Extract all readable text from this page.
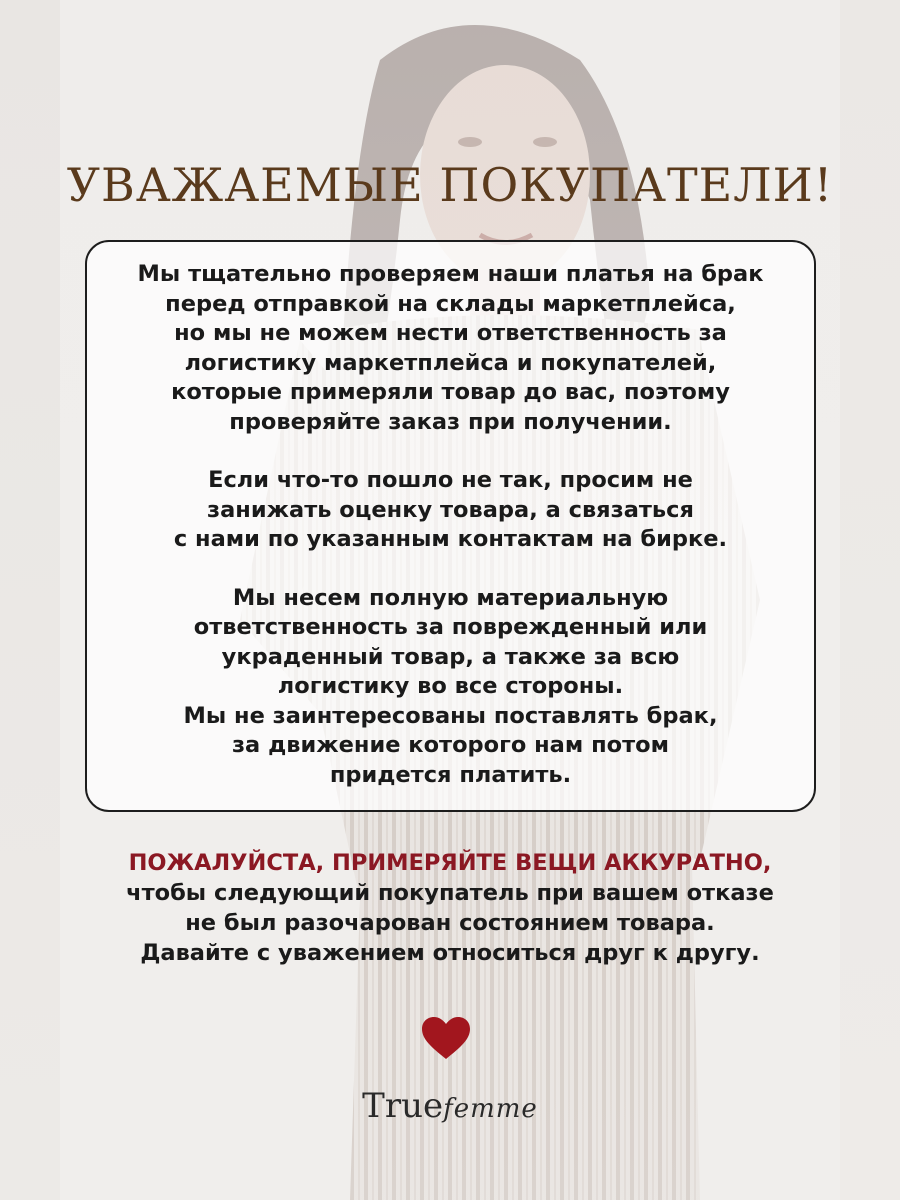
УВАЖАЕМЫЕ ПОКУПАТЕЛИ!

Мы тщательно проверяем наши платья на брак
перед отправкой на склады маркетплейса,
но мы не можем нести ответственность за
логистику маркетплейса и покупателей,
которые примеряли товар до вас, поэтому
проверяйте заказ при получении.

Если что-то пошло не так, просим не
занижать оценку товара, а связаться
с нами по указанным контактам на бирке.

Мы несем полную материальную
ответственность за поврежденный или
украденный товар, а также за всю
логистику во все стороны.
Мы не заинтересованы поставлять брак,
за движение которого нам потом
придется платить.

ПОЖАЛУЙСТА, ПРИМЕРЯЙТЕ ВЕЩИ АККУРАТНО,
чтобы следующий покупатель при вашем отказе
не был разочарован состоянием товара.
Давайте с уважением относиться друг к другу.
Truefemme
